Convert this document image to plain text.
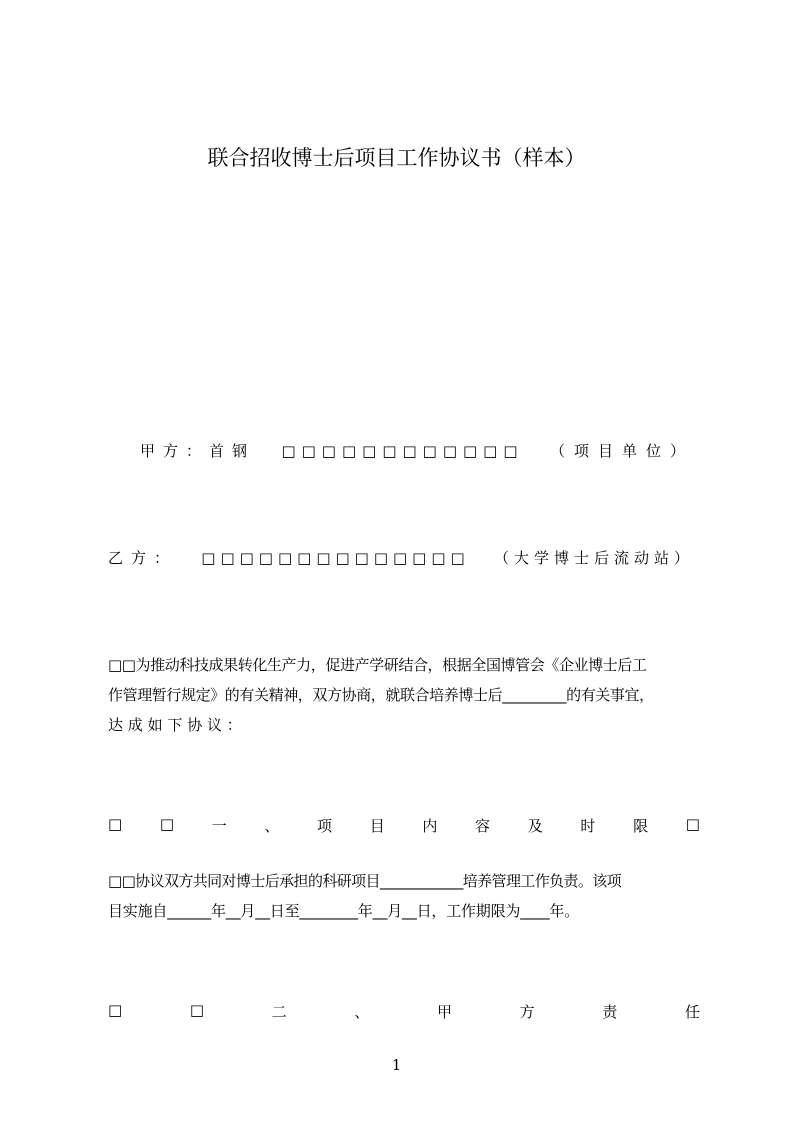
联合招收博士后项目工作协议书（样本）
甲方：首钢 □□□□□□□□□□□□ （项目单位）
乙方： □□□□□□□□□□□□□□ （大学博士后流动站）
□□为推动科技成果转化生产力，促进产学研结合，根据全国博管会《企业博士后工
作管理暂行规定》的有关精神，双方协商，就联合培养博士后_________的有关事宜，
达 成 如 下 协 议 ：
□	□	一	、	项	目	内	容	及	时	限	□
□□协议双方共同对博士后承担的科研项目____________培养管理工作负责。该项
目实施自______年__月__日至________年__月__日，工作期限为____年。
□	□	二	、	甲	方	责	任
1
